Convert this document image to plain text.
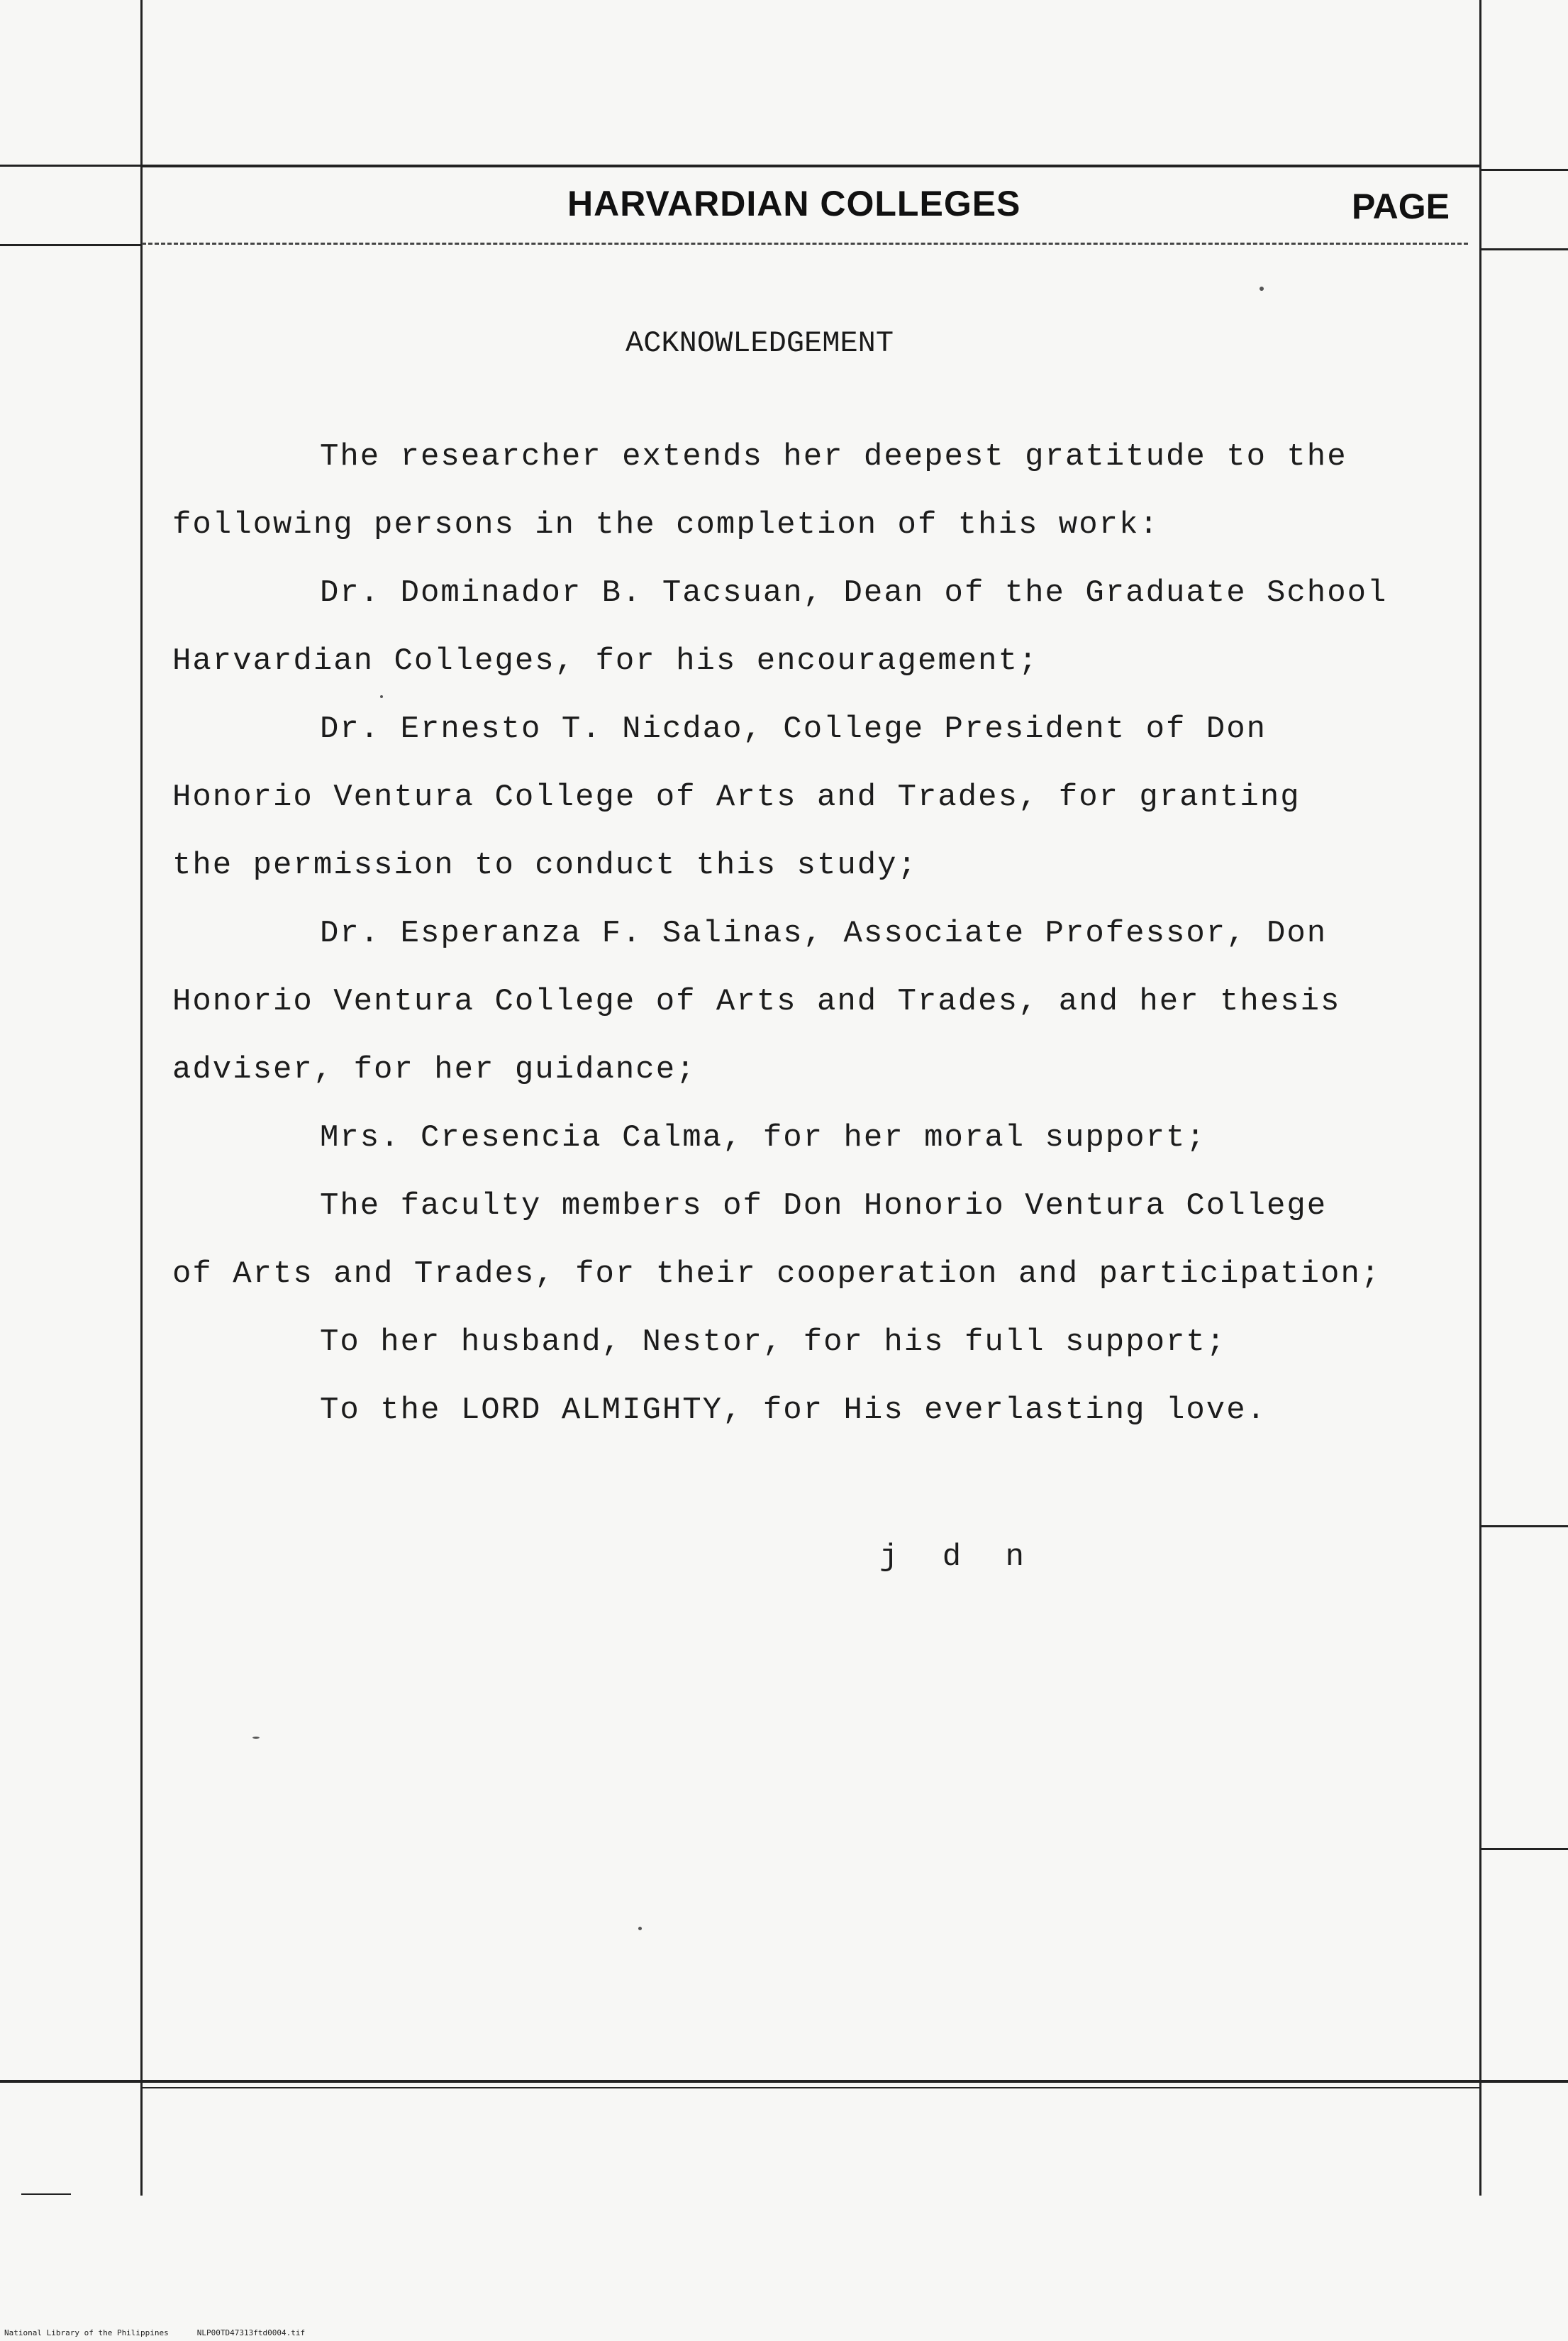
HARVARDIAN COLLEGES	PAGE
ACKNOWLEDGEMENT

The researcher extends her deepest gratitude to the

following persons in the completion of this work:

Dr. Dominador B. Tacsuan, Dean of the Graduate School

Harvardian Colleges, for his encouragement;

Dr. Ernesto T. Nicdao, College President of Don

Honorio Ventura College of Arts and Trades, for granting

the permission to conduct this study;

Dr. Esperanza F. Salinas, Associate Professor, Don

Honorio Ventura College of Arts and Trades, and her thesis

adviser, for her guidance;

Mrs. Cresencia Calma, for her moral support;

The faculty members of Don Honorio Ventura College

of Arts and Trades, for their cooperation and participation;

To her husband, Nestor, for his full support;

To the LORD ALMIGHTY, for His everlasting love.

j d n
National Library of the Philippines	NLP00TD47313ftd0004.tif
